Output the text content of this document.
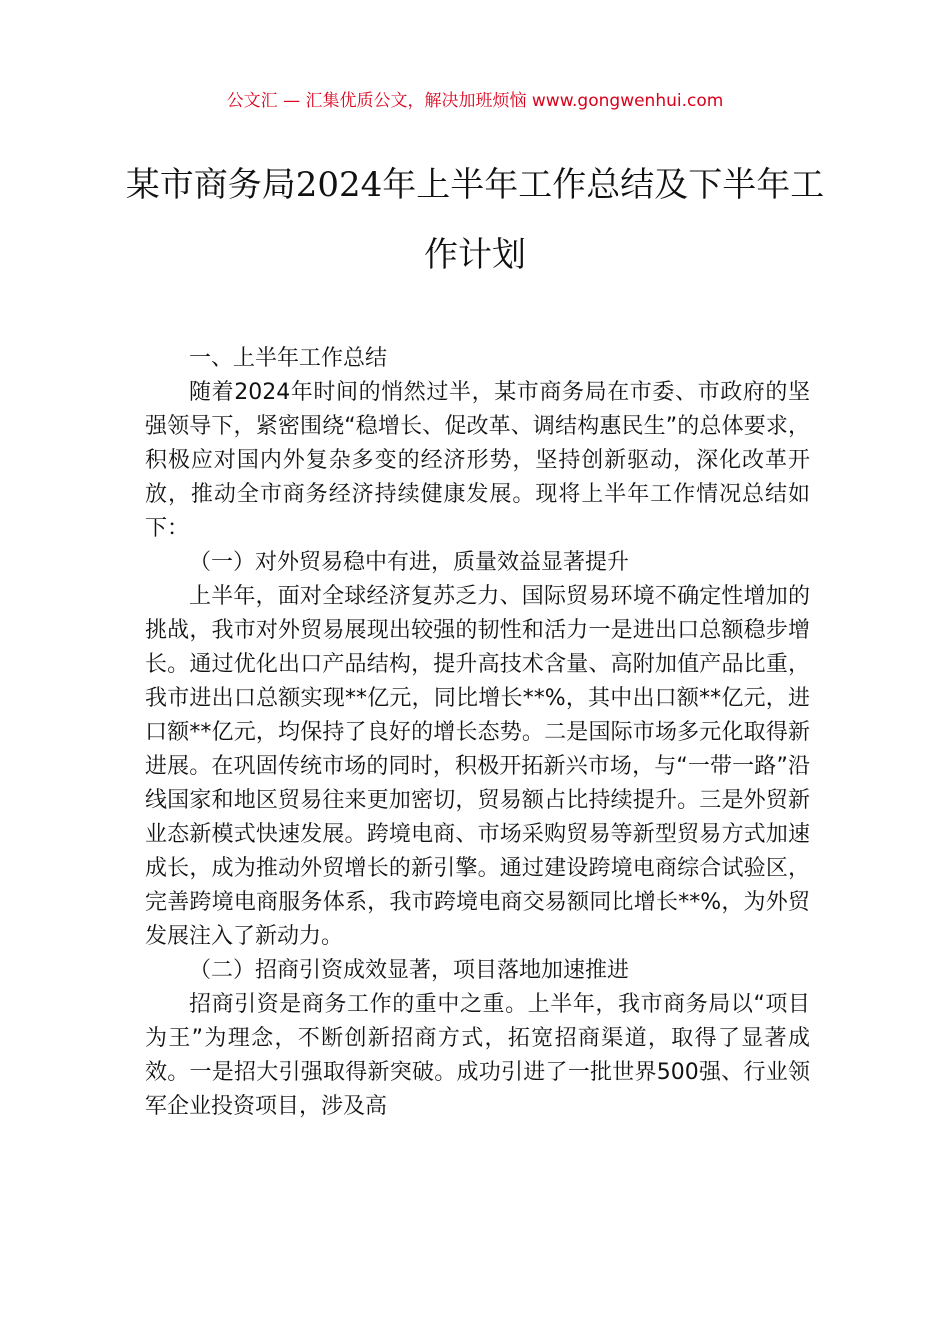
公文汇 — 汇集优质公文，解决加班烦恼 www.gongwenhui.com
某市商务局2024年上半年工作总结及下半年工作计划

一、上半年工作总结

随着2024年时间的悄然过半，某市商务局在市委、市政府的坚强领导下，紧密围绕“稳增长、促改革、调结构惠民生”的总体要求，积极应对国内外复杂多变的经济形势，坚持创新驱动，深化改革开放，推动全市商务经济持续健康发展。现将上半年工作情况总结如下：

（一）对外贸易稳中有进，质量效益显著提升

上半年，面对全球经济复苏乏力、国际贸易环境不确定性增加的挑战，我市对外贸易展现出较强的韧性和活力一是进出口总额稳步增长。通过优化出口产品结构，提升高技术含量、高附加值产品比重，我市进出口总额实现**亿元，同比增长**%，其中出口额**亿元，进口额**亿元，均保持了良好的增长态势。二是国际市场多元化取得新进展。在巩固传统市场的同时，积极开拓新兴市场，与“一带一路”沿线国家和地区贸易往来更加密切，贸易额占比持续提升。三是外贸新业态新模式快速发展。跨境电商、市场采购贸易等新型贸易方式加速成长，成为推动外贸增长的新引擎。通过建设跨境电商综合试验区，完善跨境电商服务体系，我市跨境电商交易额同比增长**%，为外贸发展注入了新动力。

（二）招商引资成效显著，项目落地加速推进

招商引资是商务工作的重中之重。上半年，我市商务局以“项目为王”为理念，不断创新招商方式，拓宽招商渠道，取得了显著成效。一是招大引强取得新突破。成功引进了一批世界500强、行业领军企业投资项目，涉及高
